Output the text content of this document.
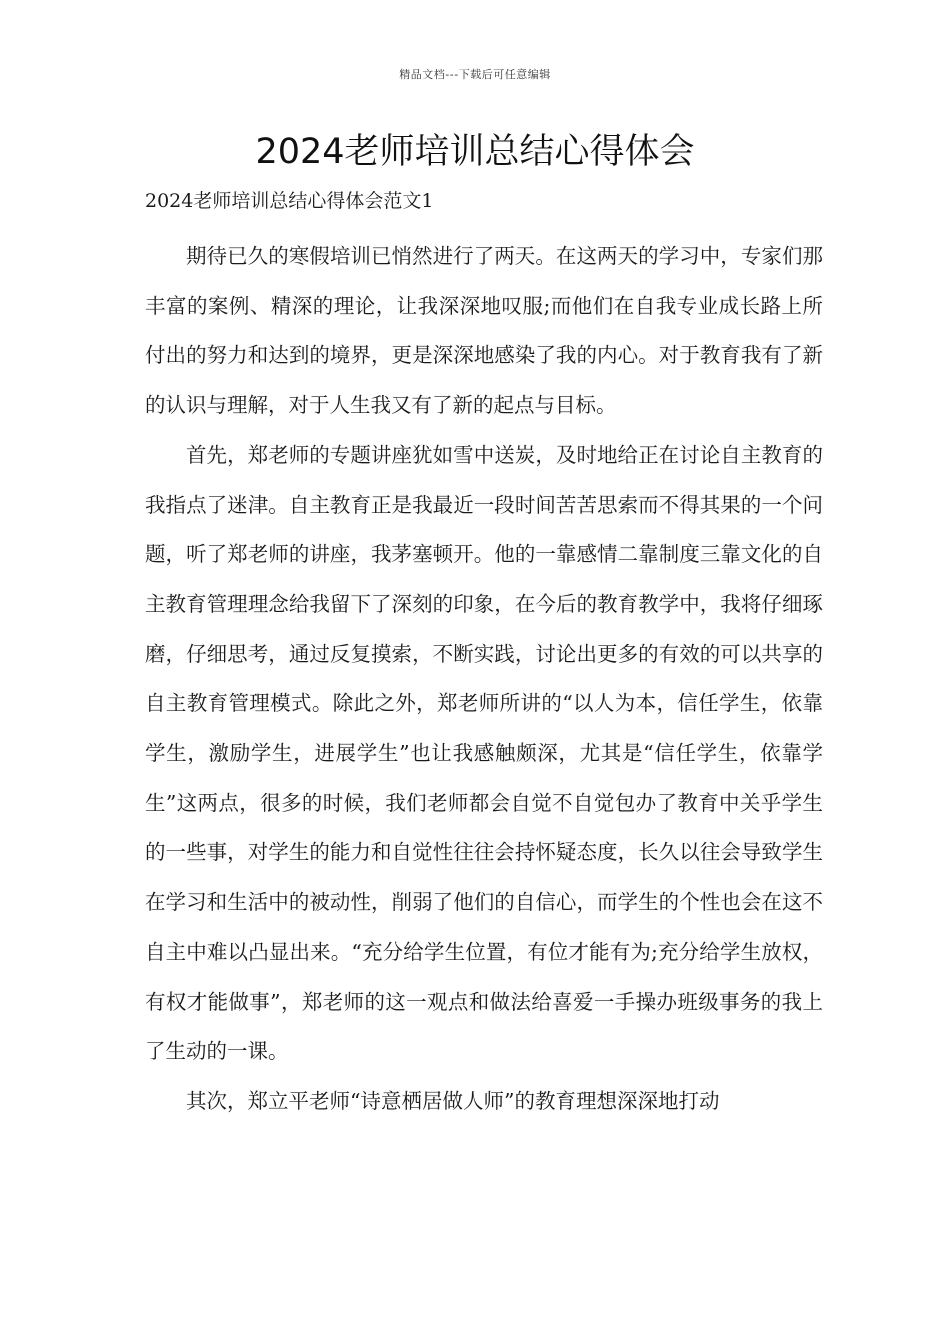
精品文档---下载后可任意编辑
2024老师培训总结心得体会
2024老师培训总结心得体会范文1

期待已久的寒假培训已悄然进行了两天。在这两天的学习中，专家们那丰富的案例、精深的理论，让我深深地叹服;而他们在自我专业成长路上所付出的努力和达到的境界，更是深深地感染了我的内心。对于教育我有了新的认识与理解，对于人生我又有了新的起点与目标。

首先，郑老师的专题讲座犹如雪中送炭，及时地给正在讨论自主教育的我指点了迷津。自主教育正是我最近一段时间苦苦思索而不得其果的一个问题，听了郑老师的讲座，我茅塞顿开。他的一靠感情二靠制度三靠文化的自主教育管理理念给我留下了深刻的印象，在今后的教育教学中，我将仔细琢磨，仔细思考，通过反复摸索，不断实践，讨论出更多的有效的可以共享的自主教育管理模式。除此之外，郑老师所讲的“以人为本，信任学生，依靠学生，激励学生，进展学生”也让我感触颇深，尤其是“信任学生，依靠学生”这两点，很多的时候，我们老师都会自觉不自觉包办了教育中关乎学生的一些事，对学生的能力和自觉性往往会持怀疑态度，长久以往会导致学生在学习和生活中的被动性，削弱了他们的自信心，而学生的个性也会在这不自主中难以凸显出来。“充分给学生位置，有位才能有为;充分给学生放权，有权才能做事”，郑老师的这一观点和做法给喜爱一手操办班级事务的我上了生动的一课。

其次，郑立平老师“诗意栖居做人师”的教育理想深深地打动
